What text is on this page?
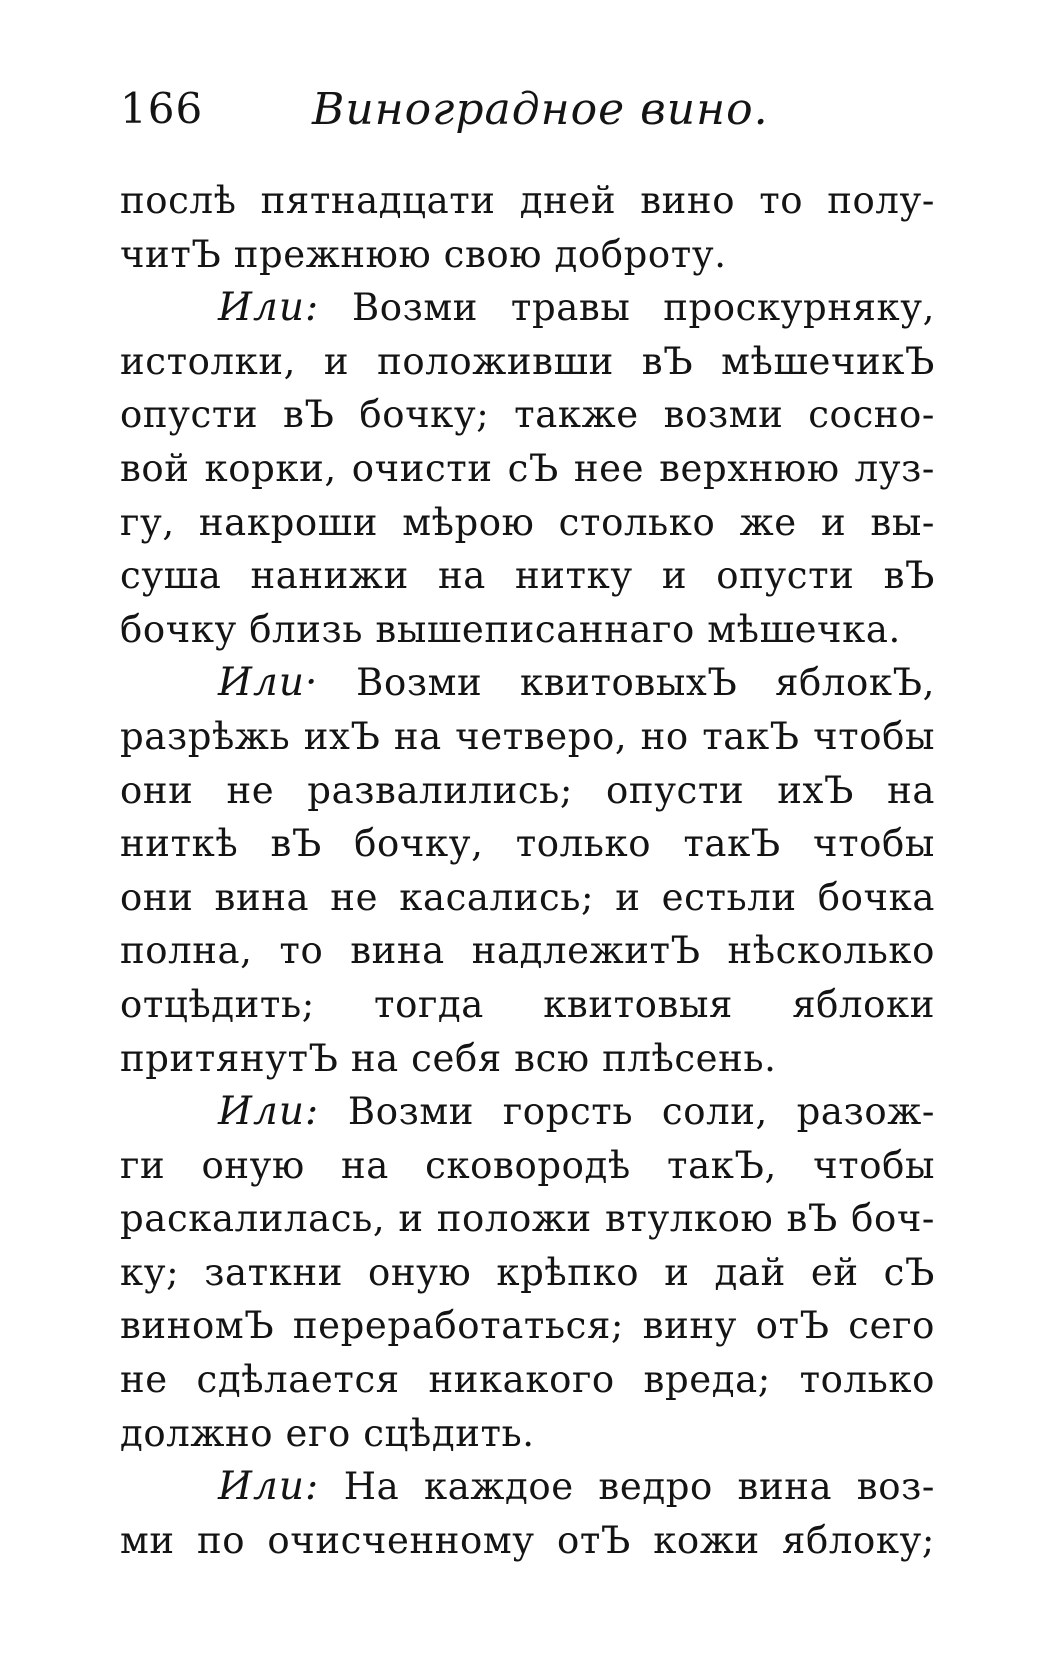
166 Виноградное вино.
послѣ пятнадцати дней вино то полу-
читЪ прежнюю свою доброту.
Или: Возми травы проскурняку,
истолки, и положивши вЪ мѣшечикЪ
опусти вЪ бочку; также возми сосно-
вой корки, очисти сЪ нее верхнюю луз-
гу, накроши мѣрою столько же и вы-
суша нанижи на нитку и опусти вЪ
бочку близь вышеписаннаго мѣшечка.
Или· Возми квитовыхЪ яблокЪ,
разрѣжь ихЪ на четверо, но такЪ чтобы
они не развалились; опусти ихЪ на
ниткѣ вЪ бочку, только такЪ чтобы
они вина не касались; и естьли бочка
полна, то вина надлежитЪ нѣсколько
отцѣдить; тогда квитовыя яблоки
притянутЪ на себя всю плѣсень.
Или: Возми горсть соли, разож-
ги оную на сковородѣ такЪ, чтобы
раскалилась, и положи втулкою вЪ боч-
ку; заткни оную крѣпко и дай ей сЪ
виномЪ переработаться; вину отЪ сего
не сдѣлается никакого вреда; только
должно его сцѣдить.
Или: На каждое ведро вина воз-
ми по очисченному отЪ кожи яблоку;
